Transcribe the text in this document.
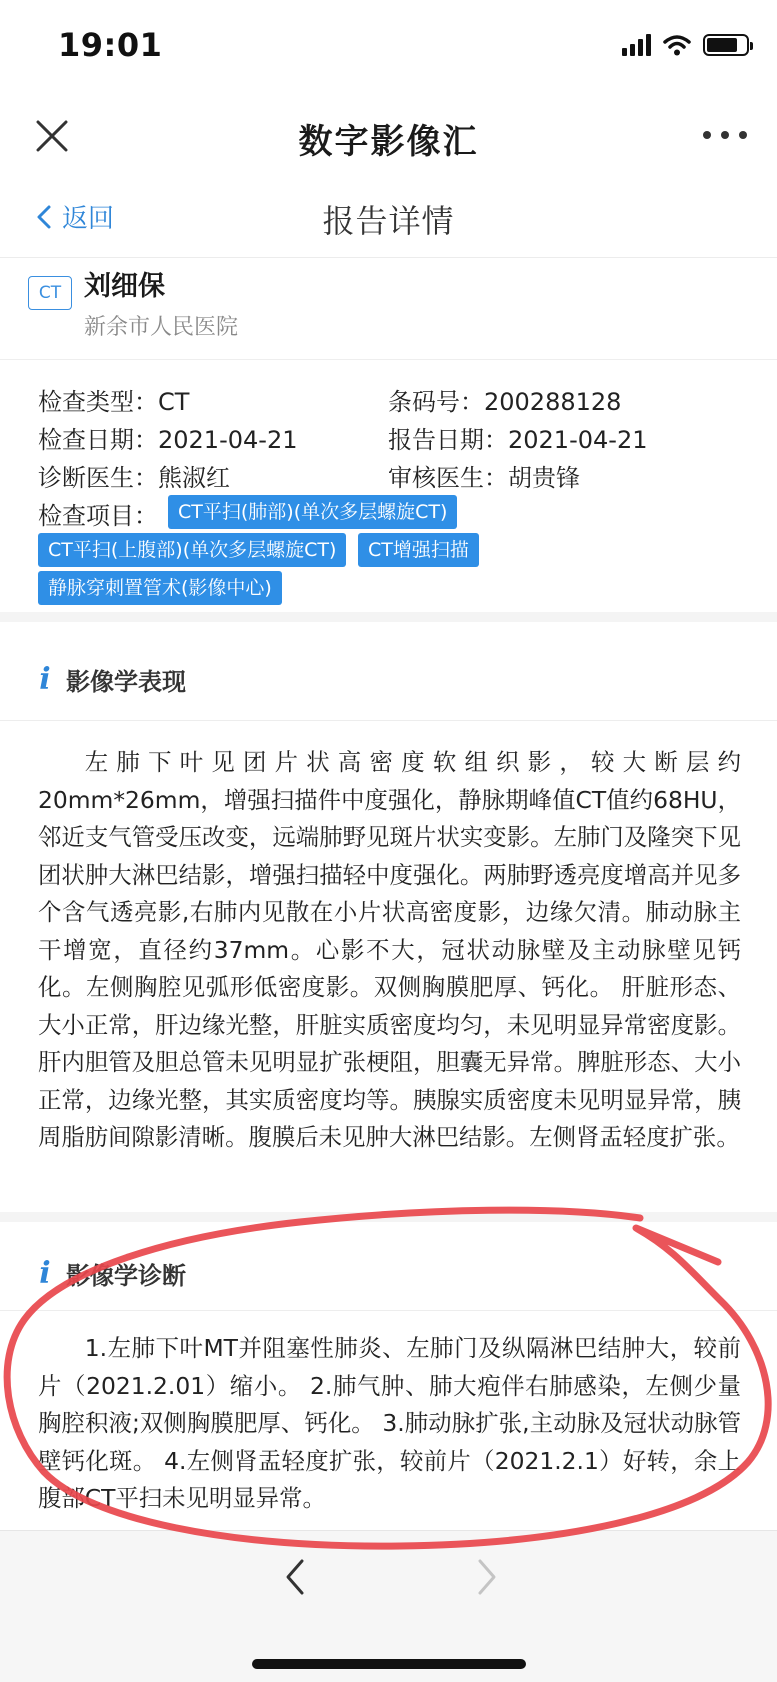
19:01
数字影像汇
返回	报告详情
CT 刘细保
新余市人民医院
检查类型：CT	条码号：200288128
检查日期：2021-04-21	报告日期：2021-04-21
诊断医生：熊淑红	审核医生：胡贵锋
检查项目：	CT平扫(肺部)(单次多层螺旋CT)
CT平扫(上腹部)(单次多层螺旋CT)	CT增强扫描
静脉穿刺置管术(影像中心)
i 影像学表现
左肺下叶见团片状高密度软组织影，较大断层约20mm*26mm，增强扫描件中度强化，静脉期峰值CT值约68HU，邻近支气管受压改变，远端肺野见斑片状实变影。左肺门及隆突下见团状肿大淋巴结影，增强扫描轻中度强化。两肺野透亮度增高并见多个含气透亮影,右肺内见散在小片状高密度影，边缘欠清。肺动脉主干增宽，直径约37mm。心影不大，冠状动脉壁及主动脉壁见钙化。左侧胸腔见弧形低密度影。双侧胸膜肥厚、钙化。 肝脏形态、大小正常，肝边缘光整，肝脏实质密度均匀，未见明显异常密度影。肝内胆管及胆总管未见明显扩张梗阻，胆囊无异常。脾脏形态、大小正常，边缘光整，其实质密度均等。胰腺实质密度未见明显异常，胰周脂肪间隙影清晰。腹膜后未见肿大淋巴结影。左侧肾盂轻度扩张。
i 影像学诊断
1.左肺下叶MT并阻塞性肺炎、左肺门及纵隔淋巴结肿大，较前片（2021.2.01）缩小。 2.肺气肿、肺大疱伴右肺感染，左侧少量胸腔积液;双侧胸膜肥厚、钙化。 3.肺动脉扩张,主动脉及冠状动脉管壁钙化斑。 4.左侧肾盂轻度扩张，较前片（2021.2.1）好转，余上腹部CT平扫未见明显异常。
